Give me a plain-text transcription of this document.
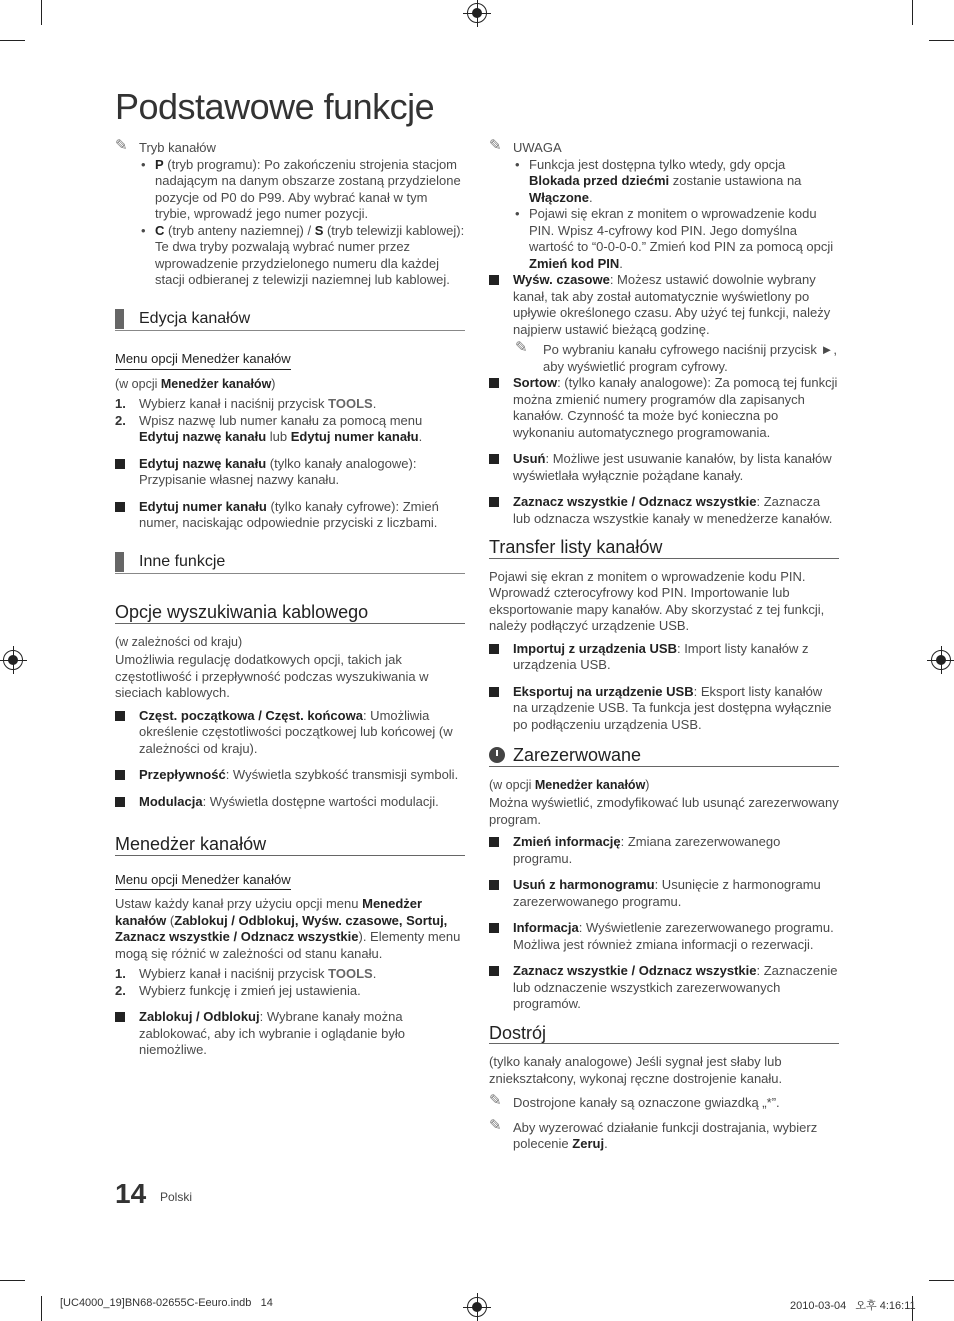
Podstawowe funkcje

✎ Tryb kanałów

• P (tryb programu): Po zakończeniu strojenia stacjom nadającym na danym obszarze zostaną przydzielone pozycje od P0 do P99. Aby wybrać kanał w tym trybie, wprowadź jego numer pozycji.

• C (tryb anteny naziemnej) / S (tryb telewizji kablowej): Te dwa tryby pozwalają wybrać numer przez wprowadzenie przydzielonego numeru dla każdej stacji odbieranej z telewizji naziemnej lub kablowej.

Edycja kanałów
Menu opcji Menedżer kanałów

(w opcji Menedżer kanałów)

1. Wybierz kanał i naciśnij przycisk TOOLS.

2. Wpisz nazwę lub numer kanału za pomocą menu Edytuj nazwę kanału lub Edytuj numer kanału.

Edytuj nazwę kanału (tylko kanały analogowe): Przypisanie własnej nazwy kanału.

Edytuj numer kanału (tylko kanały cyfrowe): Zmień numer, naciskając odpowiednie przyciski z liczbami.

Inne funkcje
Opcje wyszukiwania kablowego

(w zależności od kraju)

Umożliwia regulację dodatkowych opcji, takich jak częstotliwość i przepływność podczas wyszukiwania w sieciach kablowych.

Częst. początkowa / Częst. końcowa: Umożliwia określenie częstotliwości początkowej lub końcowej (w zależności od kraju).

Przepływność: Wyświetla szybkość transmisji symboli.

Modulacja: Wyświetla dostępne wartości modulacji.

Menedżer kanałów
Menu opcji Menedżer kanałów

Ustaw każdy kanał przy użyciu opcji menu Menedżer kanałów (Zablokuj / Odblokuj, Wyśw. czasowe, Sortuj, Zaznacz wszystkie / Odznacz wszystkie). Elementy menu mogą się różnić w zależności od stanu kanału.

1. Wybierz kanał i naciśnij przycisk TOOLS.

2. Wybierz funkcję i zmień jej ustawienia.

Zablokuj / Odblokuj: Wybrane kanały można zablokować, aby ich wybranie i oglądanie było niemożliwe.

✎ UWAGA

• Funkcja jest dostępna tylko wtedy, gdy opcja Blokada przed dziećmi zostanie ustawiona na Włączone.

• Pojawi się ekran z monitem o wprowadzenie kodu PIN. Wpisz 4-cyfrowy kod PIN. Jego domyślna wartość to “0-0-0-0.” Zmień kod PIN za pomocą opcji Zmień kod PIN.

Wyśw. czasowe: Możesz ustawić dowolnie wybrany kanał, tak aby został automatycznie wyświetlony po upływie określonego czasu. Aby użyć tej funkcji, należy najpierw ustawić bieżącą godzinę.

✎ Po wybraniu kanału cyfrowego naciśnij przycisk ►, aby wyświetlić program cyfrowy.

Sortow: (tylko kanały analogowe): Za pomocą tej funkcji można zmienić numery programów dla zapisanych kanałów. Czynność ta może być konieczna po wykonaniu automatycznego programowania.

Usuń: Możliwe jest usuwanie kanałów, by lista kanałów wyświetlała wyłącznie pożądane kanały.

Zaznacz wszystkie / Odznacz wszystkie: Zaznacza lub odznacza wszystkie kanały w menedżerze kanałów.

Transfer listy kanałów

Pojawi się ekran z monitem o wprowadzenie kodu PIN. Wprowadź czterocyfrowy kod PIN. Importowanie lub eksportowanie mapy kanałów. Aby skorzystać z tej funkcji, należy podłączyć urządzenie USB.

Importuj z urządzenia USB: Import listy kanałów z urządzenia USB.

Eksportuj na urządzenie USB: Eksport listy kanałów na urządzenie USB. Ta funkcja jest dostępna wyłącznie po podłączeniu urządzenia USB.

Zarezerwowane

(w opcji Menedżer kanałów)

Można wyświetlić, zmodyfikować lub usunąć zarezerwowany program.

Zmień informację: Zmiana zarezerwowanego programu.

Usuń z harmonogramu: Usunięcie z harmonogramu zarezerwowanego programu.

Informacja: Wyświetlenie zarezerwowanego programu. Możliwa jest również zmiana informacji o rezerwacji.

Zaznacz wszystkie / Odznacz wszystkie: Zaznaczenie lub odznaczenie wszystkich zarezerwowanych programów.

Dostrój

(tylko kanały analogowe) Jeśli sygnał jest słaby lub zniekształcony, wykonaj ręczne dostrojenie kanału.

✎ Dostrojone kanały są oznaczone gwiazdką „*”.

✎ Aby wyzerować działanie funkcji dostrajania, wybierz polecenie Zeruj.

14 Polski
[UC4000_19]BN68-02655C-Eeuro.indb   14	2010-03-04   오후 4:16:11
